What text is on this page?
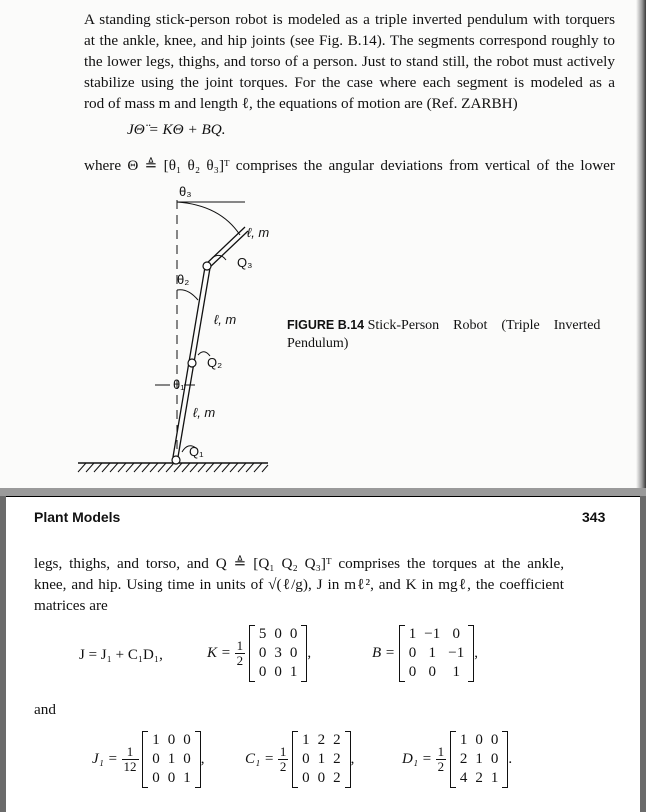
A standing stick-person robot is modeled as a triple inverted pendulum with torquers
at the ankle, knee, and hip joints (see Fig. B.14). The segments correspond roughly to
the lower legs, thighs, and torso of a person. Just to stand still, the robot must actively
stabilize using the joint torques. For the case where each segment is modeled as a
rod of mass m and length ℓ, the equations of motion are (Ref. ZARBH)
JΘ̈ = KΘ + BQ.
where Θ ≜ [θ₁ θ₂ θ₃]ᵀ comprises the angular deviations from vertical of the lower
θ₃
θ₂
θ₁
ℓ, m
ℓ, m
ℓ, m
Q₃
Q₂
Q₁
FIGURE B.14 Stick-Person    Robot    (Triple    Inverted
Pendulum)
Plant Models	343
legs, thighs, and torso, and Q ≜ [Q₁ Q₂ Q₃]ᵀ comprises the torques at the ankle,
knee, and hip. Using time in units of √(ℓ/g), J in mℓ², and K in mgℓ, the coefficient
matrices are
J = J₁ + C₁D₁,	$K = \frac{1}{2}$

5	0	0
0	3	0
0	0	1
,	B =
1	−1	0
0	1	−1
0	0	1
,
and
$J_1 = \frac{1}{12}$

1	0	0
0	1	0
0	0	1
,	$C_1 = \frac{1}{2}$

1	2	2
0	1	2
0	0	2
,	$D_1 = \frac{1}{2}$

1	0	0
2	1	0
4	2	1
.
